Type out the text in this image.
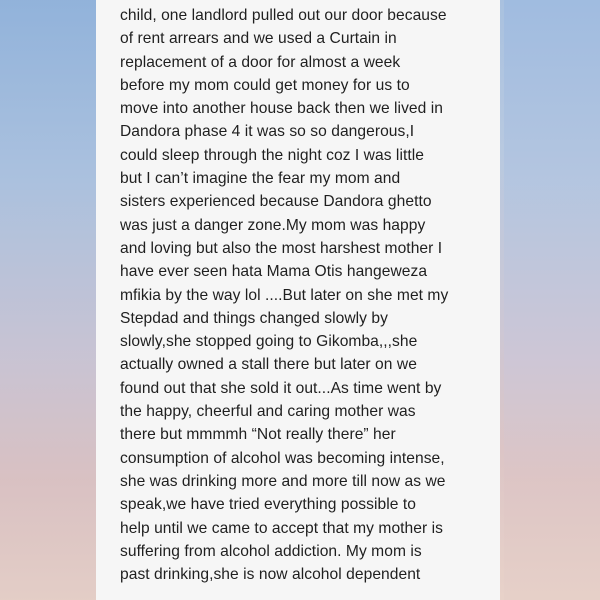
child, one landlord pulled out our door because
of rent arrears and we used a Curtain in
replacement of a door for almost a week
before my mom could get money for us to
move into another house back then we lived in
Dandora phase 4 it was so so dangerous,I
could sleep through the night coz I was little
but I can’t imagine the fear my mom and
sisters experienced because Dandora ghetto
was just a danger zone.My mom was happy
and loving but also the most harshest mother I
have ever seen hata Mama Otis hangeweza
mfikia by the way lol ....But later on she met my
Stepdad and things changed slowly by
slowly,she stopped going to Gikomba,,,she
actually owned a stall there but later on we
found out that she sold it out...As time went by
the happy, cheerful and caring mother was
there but mmmmh “Not really there” her
consumption of alcohol was becoming intense,
she was drinking more and more till now as we
speak,we have tried everything possible to
help until we came to accept that my mother is
suffering from alcohol addiction. My mom is
past drinking,she is now alcohol dependent
